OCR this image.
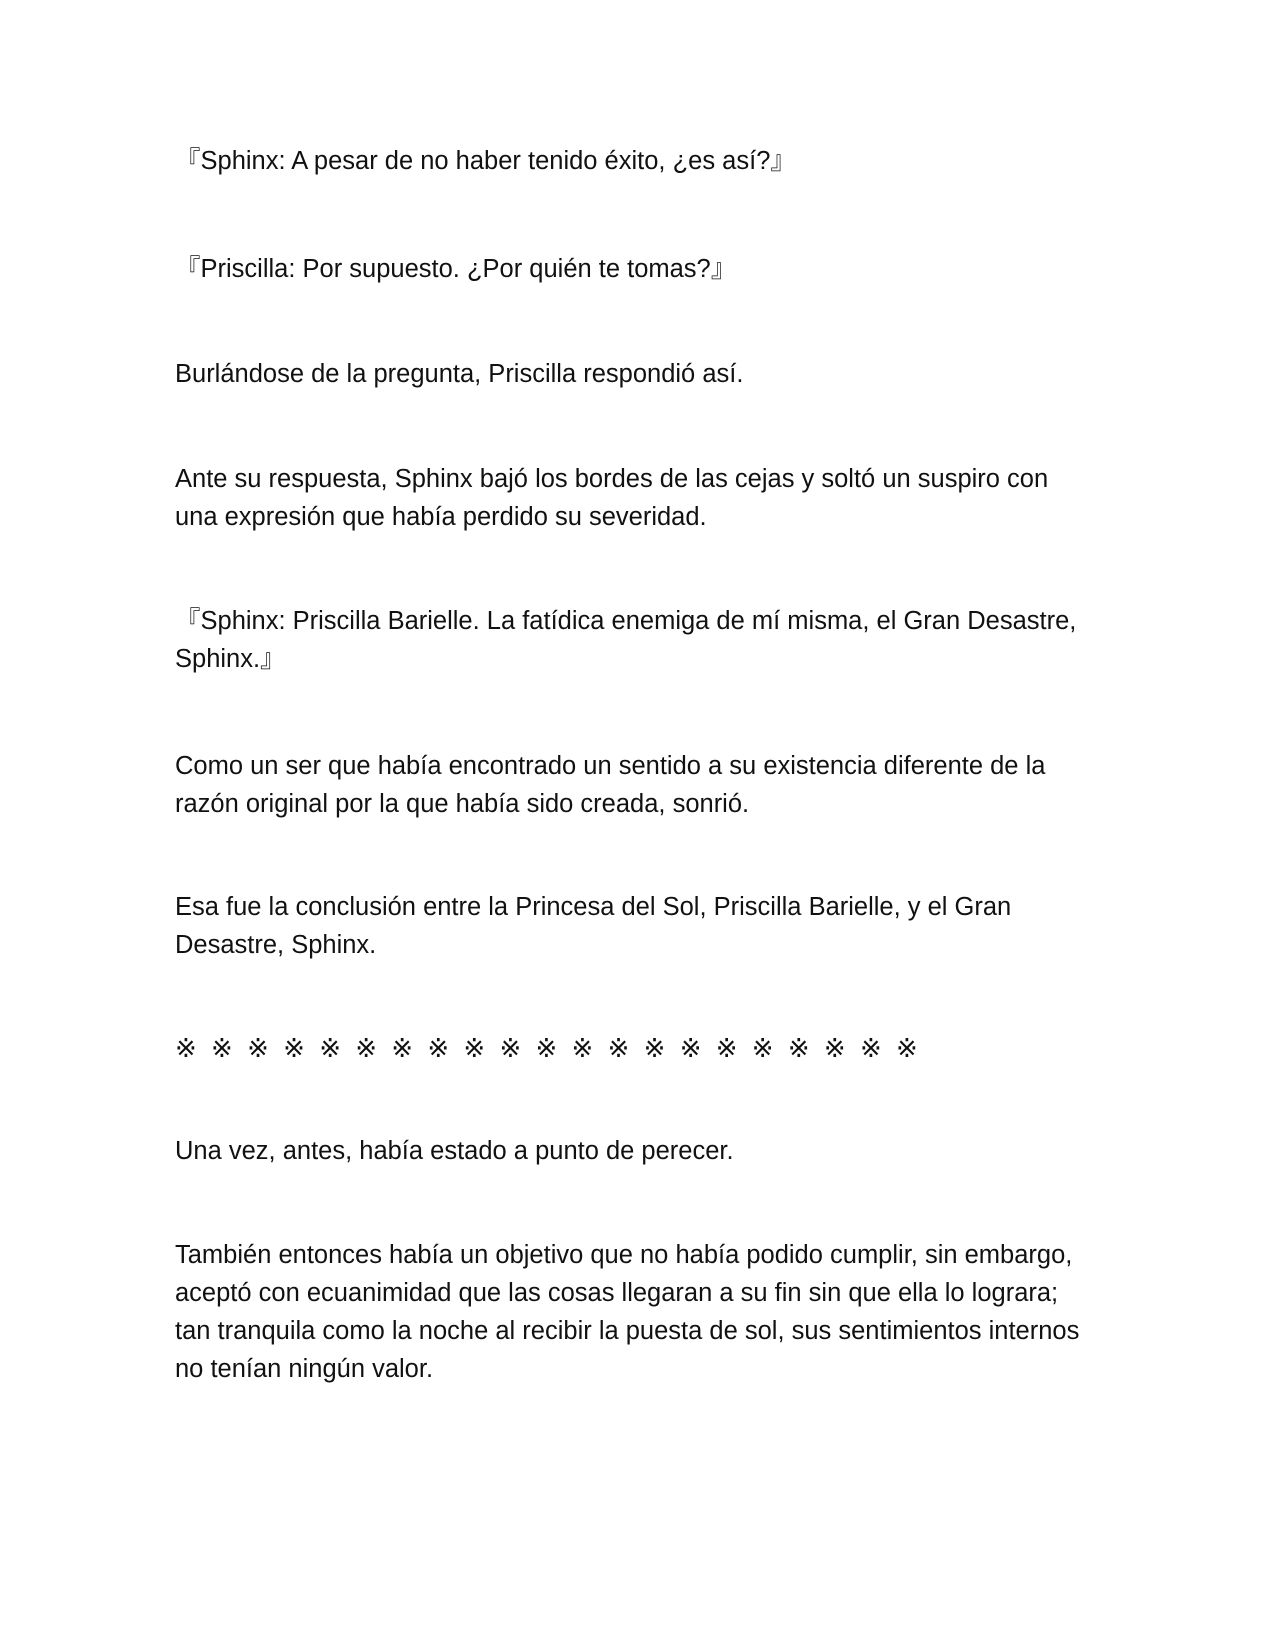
『Sphinx: A pesar de no haber tenido éxito, ¿es así?』

『Priscilla: Por supuesto. ¿Por quién te tomas?』

Burlándose de la pregunta, Priscilla respondió así.

Ante su respuesta, Sphinx bajó los bordes de las cejas y soltó un suspiro con una expresión que había perdido su severidad.

『Sphinx: Priscilla Barielle. La fatídica enemiga de mí misma, el Gran Desastre, Sphinx.』

Como un ser que había encontrado un sentido a su existencia diferente de la razón original por la que había sido creada, sonrió.

Esa fue la conclusión entre la Princesa del Sol, Priscilla Barielle, y el Gran Desastre, Sphinx.

※ ※ ※ ※ ※ ※ ※ ※ ※ ※ ※ ※ ※ ※ ※ ※ ※ ※ ※ ※ ※

Una vez, antes, había estado a punto de perecer.

También entonces había un objetivo que no había podido cumplir, sin embargo, aceptó con ecuanimidad que las cosas llegaran a su fin sin que ella lo lograra; tan tranquila como la noche al recibir la puesta de sol, sus sentimientos internos no tenían ningún valor.
